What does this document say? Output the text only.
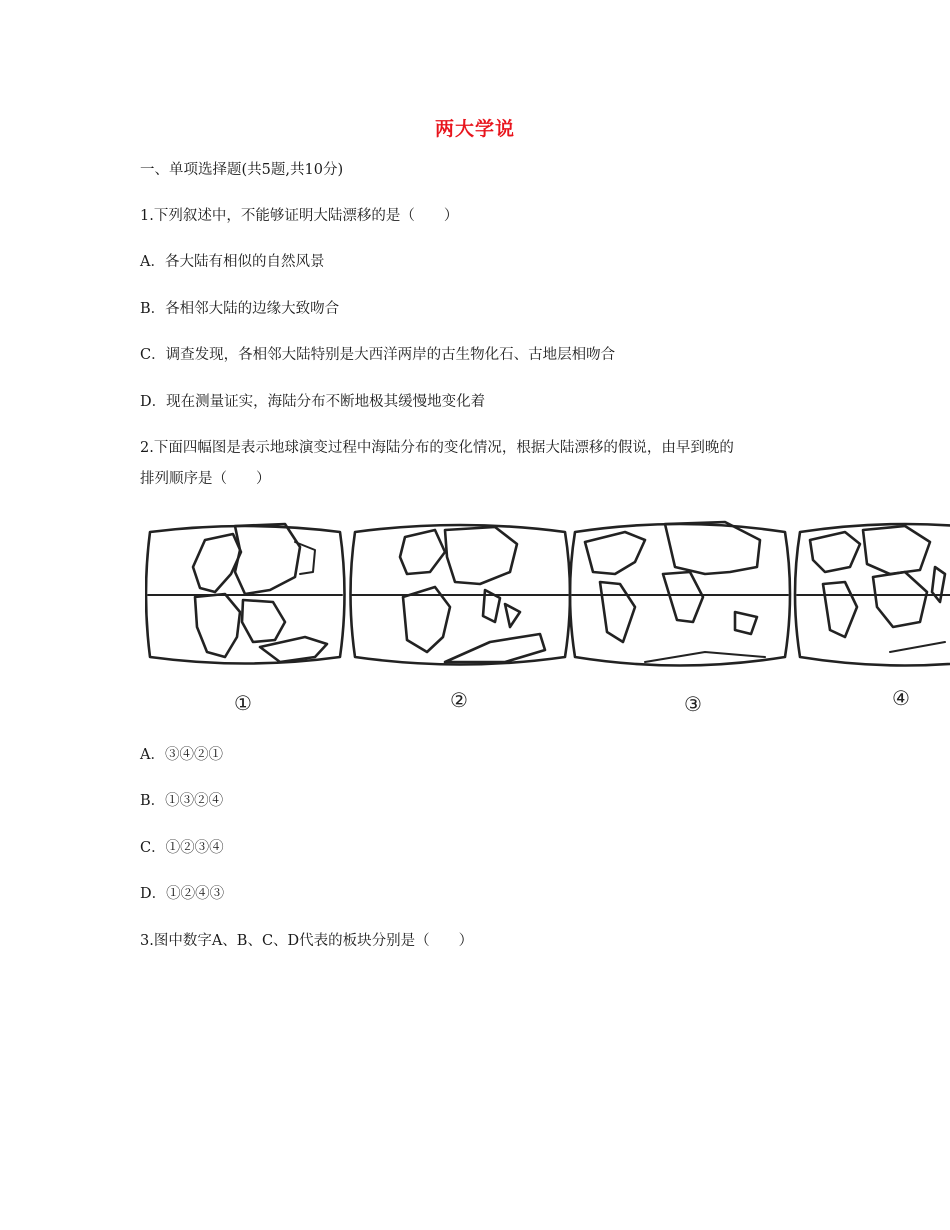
两大学说
一、单项选择题(共5题,共10分)
1.下列叙述中，不能够证明大陆漂移的是（　　）
A．各大陆有相似的自然风景
B．各相邻大陆的边缘大致吻合
C．调查发现，各相邻大陆特别是大西洋两岸的古生物化石、古地层相吻合
D．现在测量证实，海陆分布不断地极其缓慢地变化着
2.下面四幅图是表示地球演变过程中海陆分布的变化情况，根据大陆漂移的假说，由早到晚的
排列顺序是（　　）
①	②	③	④
A．③④②①
B．①③②④
C．①②③④
D．①②④③
3.图中数字A、B、C、D代表的板块分别是（　　）
